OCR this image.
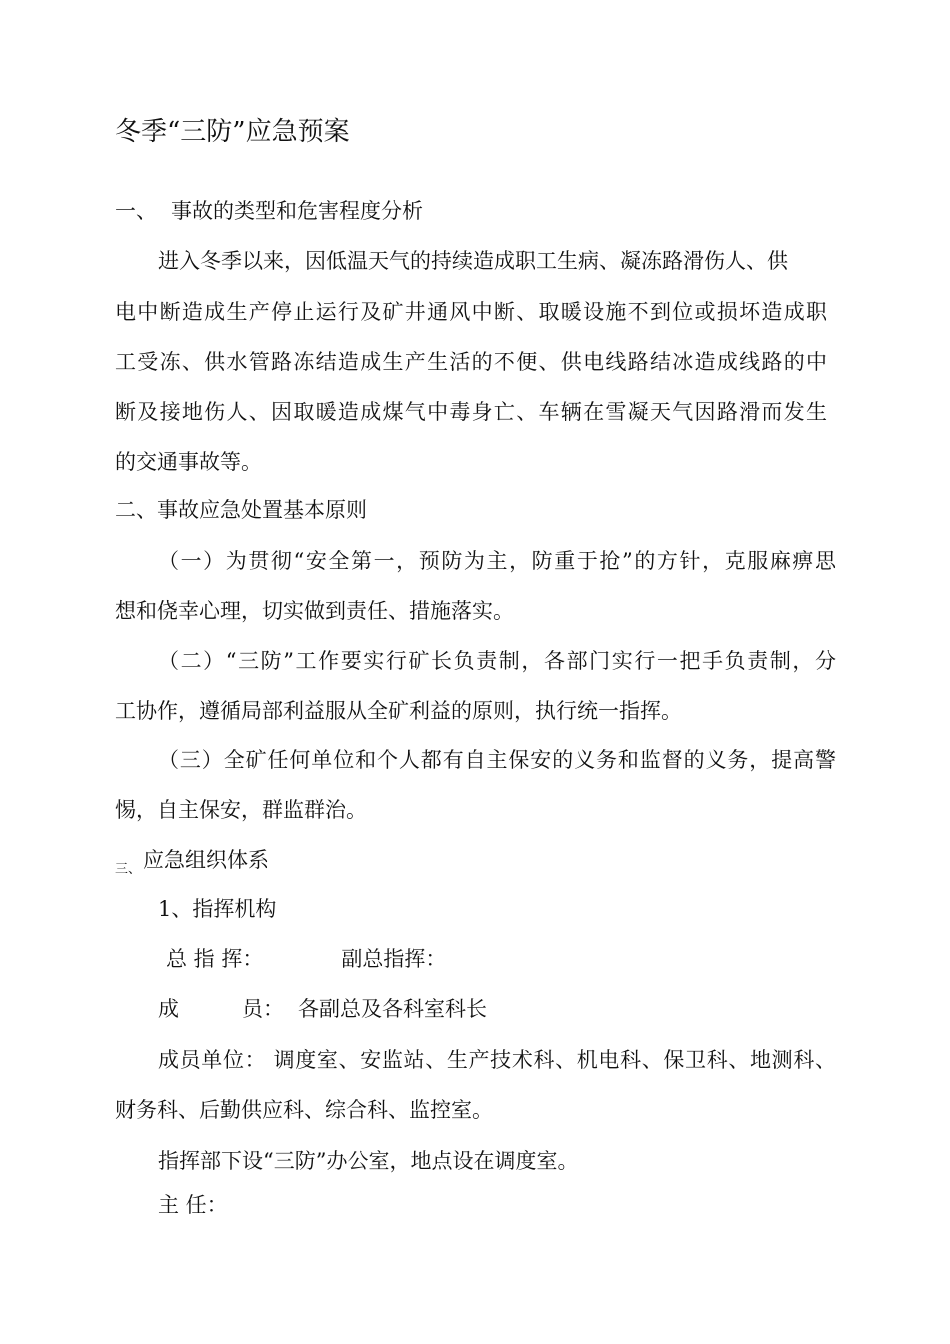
冬季“三防”应急预案
一、 事故的类型和危害程度分析
进入冬季以来，因低温天气的持续造成职工生病、凝冻路滑伤人、供
电中断造成生产停止运行及矿井通风中断、取暖设施不到位或损坏造成职
工受冻、供水管路冻结造成生产生活的不便、供电线路结冰造成线路的中
断及接地伤人、因取暖造成煤气中毒身亡、车辆在雪凝天气因路滑而发生
的交通事故等。
二、事故应急处置基本原则
（一）为贯彻“安全第一，预防为主，防重于抢”的方针，克服麻痹思
想和侥幸心理，切实做到责任、措施落实。
（二）“三防”工作要实行矿长负责制，各部门实行一把手负责制，分
工协作，遵循局部利益服从全矿利益的原则，执行统一指挥。
（三）全矿任何单位和个人都有自主保安的义务和监督的义务，提高警
惕，自主保安，群监群治。
$_{三、}$应急组织体系
1、指挥机构
总 指 挥：	副总指挥：
成　　　员： 各副总及各科室科长
成员单位： 调度室、安监站、生产技术科、机电科、保卫科、地测科、
财务科、后勤供应科、综合科、监控室。
指挥部下设“三防”办公室，地点设在调度室。
主 任：
